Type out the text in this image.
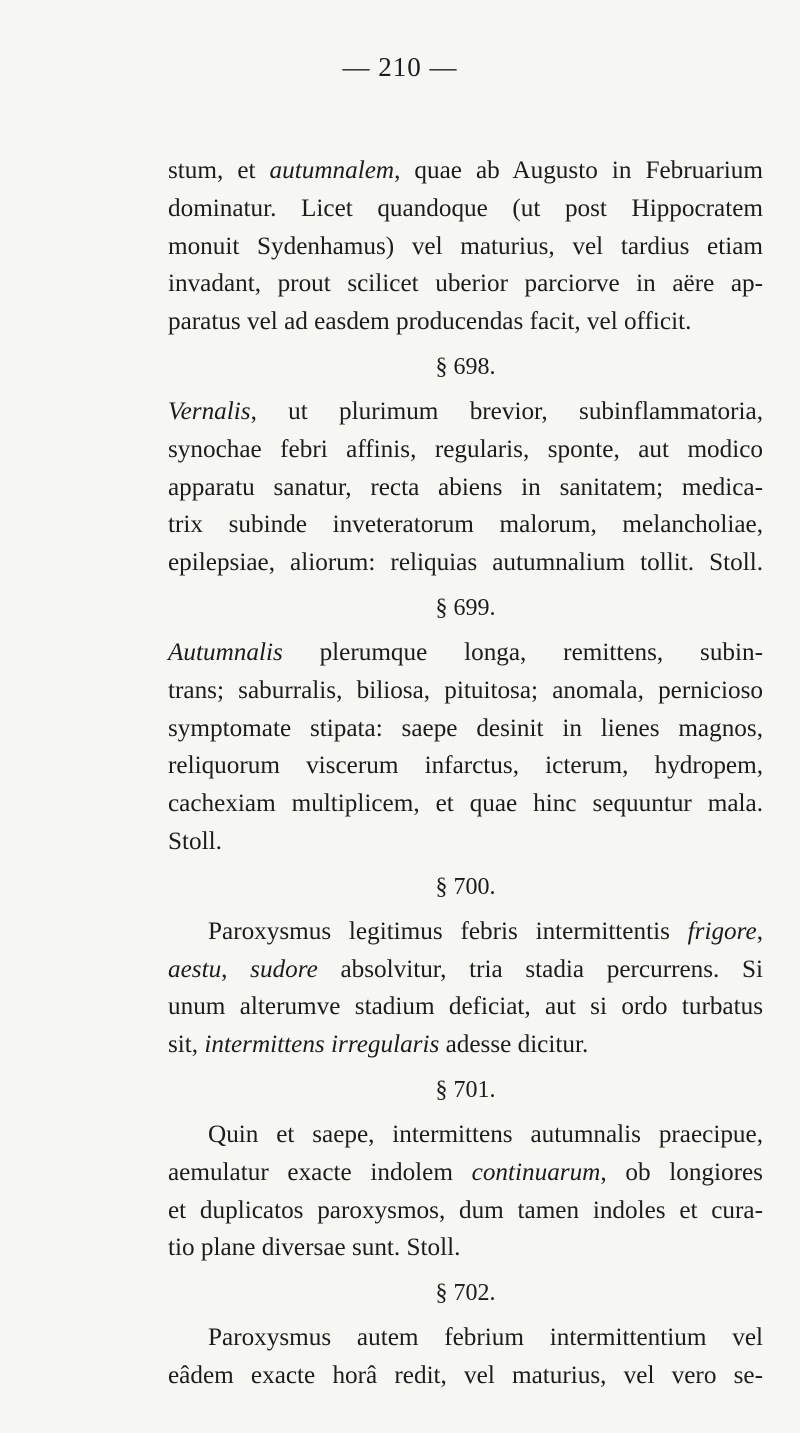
— 210 —
stum, et autumnalem, quae ab Augusto in Februarium
dominatur. Licet quandoque (ut post Hippocratem
monuit Sydenhamus) vel maturius, vel tardius etiam
invadant, prout scilicet uberior parciorve in aëre ap-
paratus vel ad easdem producendas facit, vel officit.
§ 698.
Vernalis, ut plurimum brevior, subinflammatoria,
synochae febri affinis, regularis, sponte, aut modico
apparatu sanatur, recta abiens in sanitatem; medica-
trix subinde inveteratorum malorum, melancholiae,
epilepsiae, aliorum: reliquias autumnalium tollit. Stoll.
§ 699.
Autumnalis plerumque longa, remittens, subin-
trans; saburralis, biliosa, pituitosa; anomala, pernicioso
symptomate stipata: saepe desinit in lienes magnos,
reliquorum viscerum infarctus, icterum, hydropem,
cachexiam multiplicem, et quae hinc sequuntur mala.
Stoll.
§ 700.
Paroxysmus legitimus febris intermittentis frigore,
aestu, sudore absolvitur, tria stadia percurrens. Si
unum alterumve stadium deficiat, aut si ordo turbatus
sit, intermittens irregularis adesse dicitur.
§ 701.
Quin et saepe, intermittens autumnalis praecipue,
aemulatur exacte indolem continuarum, ob longiores
et duplicatos paroxysmos, dum tamen indoles et cura-
tio plane diversae sunt. Stoll.
§ 702.
Paroxysmus autem febrium intermittentium vel
eâdem exacte horâ redit, vel maturius, vel vero se-
